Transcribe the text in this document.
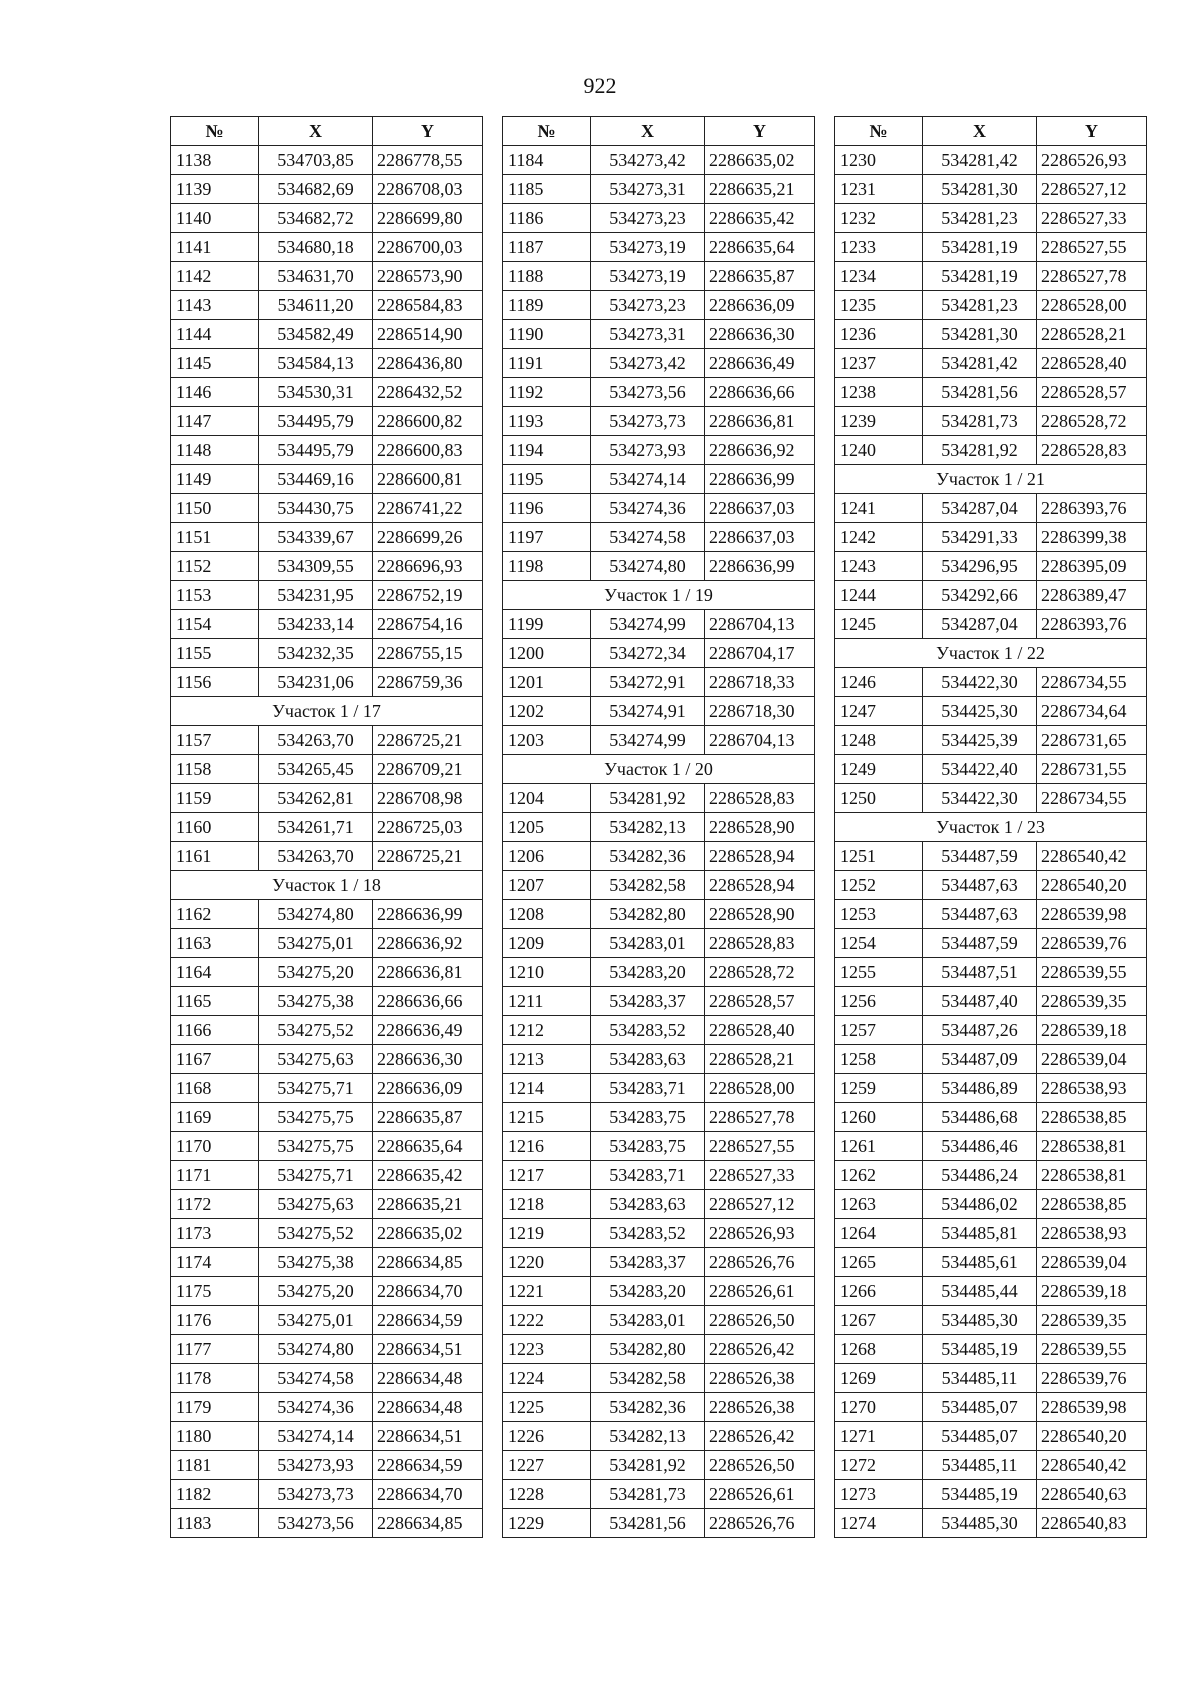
922
№	X	Y
1138	534703,85	2286778,55
1139	534682,69	2286708,03
1140	534682,72	2286699,80
1141	534680,18	2286700,03
1142	534631,70	2286573,90
1143	534611,20	2286584,83
1144	534582,49	2286514,90
1145	534584,13	2286436,80
1146	534530,31	2286432,52
1147	534495,79	2286600,82
1148	534495,79	2286600,83
1149	534469,16	2286600,81
1150	534430,75	2286741,22
1151	534339,67	2286699,26
1152	534309,55	2286696,93
1153	534231,95	2286752,19
1154	534233,14	2286754,16
1155	534232,35	2286755,15
1156	534231,06	2286759,36
Участок 1 / 17		
1157	534263,70	2286725,21
1158	534265,45	2286709,21
1159	534262,81	2286708,98
1160	534261,71	2286725,03
1161	534263,70	2286725,21
Участок 1 / 18		
1162	534274,80	2286636,99
1163	534275,01	2286636,92
1164	534275,20	2286636,81
1165	534275,38	2286636,66
1166	534275,52	2286636,49
1167	534275,63	2286636,30
1168	534275,71	2286636,09
1169	534275,75	2286635,87
1170	534275,75	2286635,64
1171	534275,71	2286635,42
1172	534275,63	2286635,21
1173	534275,52	2286635,02
1174	534275,38	2286634,85
1175	534275,20	2286634,70
1176	534275,01	2286634,59
1177	534274,80	2286634,51
1178	534274,58	2286634,48
1179	534274,36	2286634,48
1180	534274,14	2286634,51
1181	534273,93	2286634,59
1182	534273,73	2286634,70
1183	534273,56	2286634,85
№	X	Y
1184	534273,42	2286635,02
1185	534273,31	2286635,21
1186	534273,23	2286635,42
1187	534273,19	2286635,64
1188	534273,19	2286635,87
1189	534273,23	2286636,09
1190	534273,31	2286636,30
1191	534273,42	2286636,49
1192	534273,56	2286636,66
1193	534273,73	2286636,81
1194	534273,93	2286636,92
1195	534274,14	2286636,99
1196	534274,36	2286637,03
1197	534274,58	2286637,03
1198	534274,80	2286636,99
Участок 1 / 19		
1199	534274,99	2286704,13
1200	534272,34	2286704,17
1201	534272,91	2286718,33
1202	534274,91	2286718,30
1203	534274,99	2286704,13
Участок 1 / 20		
1204	534281,92	2286528,83
1205	534282,13	2286528,90
1206	534282,36	2286528,94
1207	534282,58	2286528,94
1208	534282,80	2286528,90
1209	534283,01	2286528,83
1210	534283,20	2286528,72
1211	534283,37	2286528,57
1212	534283,52	2286528,40
1213	534283,63	2286528,21
1214	534283,71	2286528,00
1215	534283,75	2286527,78
1216	534283,75	2286527,55
1217	534283,71	2286527,33
1218	534283,63	2286527,12
1219	534283,52	2286526,93
1220	534283,37	2286526,76
1221	534283,20	2286526,61
1222	534283,01	2286526,50
1223	534282,80	2286526,42
1224	534282,58	2286526,38
1225	534282,36	2286526,38
1226	534282,13	2286526,42
1227	534281,92	2286526,50
1228	534281,73	2286526,61
1229	534281,56	2286526,76
№	X	Y
1230	534281,42	2286526,93
1231	534281,30	2286527,12
1232	534281,23	2286527,33
1233	534281,19	2286527,55
1234	534281,19	2286527,78
1235	534281,23	2286528,00
1236	534281,30	2286528,21
1237	534281,42	2286528,40
1238	534281,56	2286528,57
1239	534281,73	2286528,72
1240	534281,92	2286528,83
Участок 1 / 21		
1241	534287,04	2286393,76
1242	534291,33	2286399,38
1243	534296,95	2286395,09
1244	534292,66	2286389,47
1245	534287,04	2286393,76
Участок 1 / 22		
1246	534422,30	2286734,55
1247	534425,30	2286734,64
1248	534425,39	2286731,65
1249	534422,40	2286731,55
1250	534422,30	2286734,55
Участок 1 / 23		
1251	534487,59	2286540,42
1252	534487,63	2286540,20
1253	534487,63	2286539,98
1254	534487,59	2286539,76
1255	534487,51	2286539,55
1256	534487,40	2286539,35
1257	534487,26	2286539,18
1258	534487,09	2286539,04
1259	534486,89	2286538,93
1260	534486,68	2286538,85
1261	534486,46	2286538,81
1262	534486,24	2286538,81
1263	534486,02	2286538,85
1264	534485,81	2286538,93
1265	534485,61	2286539,04
1266	534485,44	2286539,18
1267	534485,30	2286539,35
1268	534485,19	2286539,55
1269	534485,11	2286539,76
1270	534485,07	2286539,98
1271	534485,07	2286540,20
1272	534485,11	2286540,42
1273	534485,19	2286540,63
1274	534485,30	2286540,83
